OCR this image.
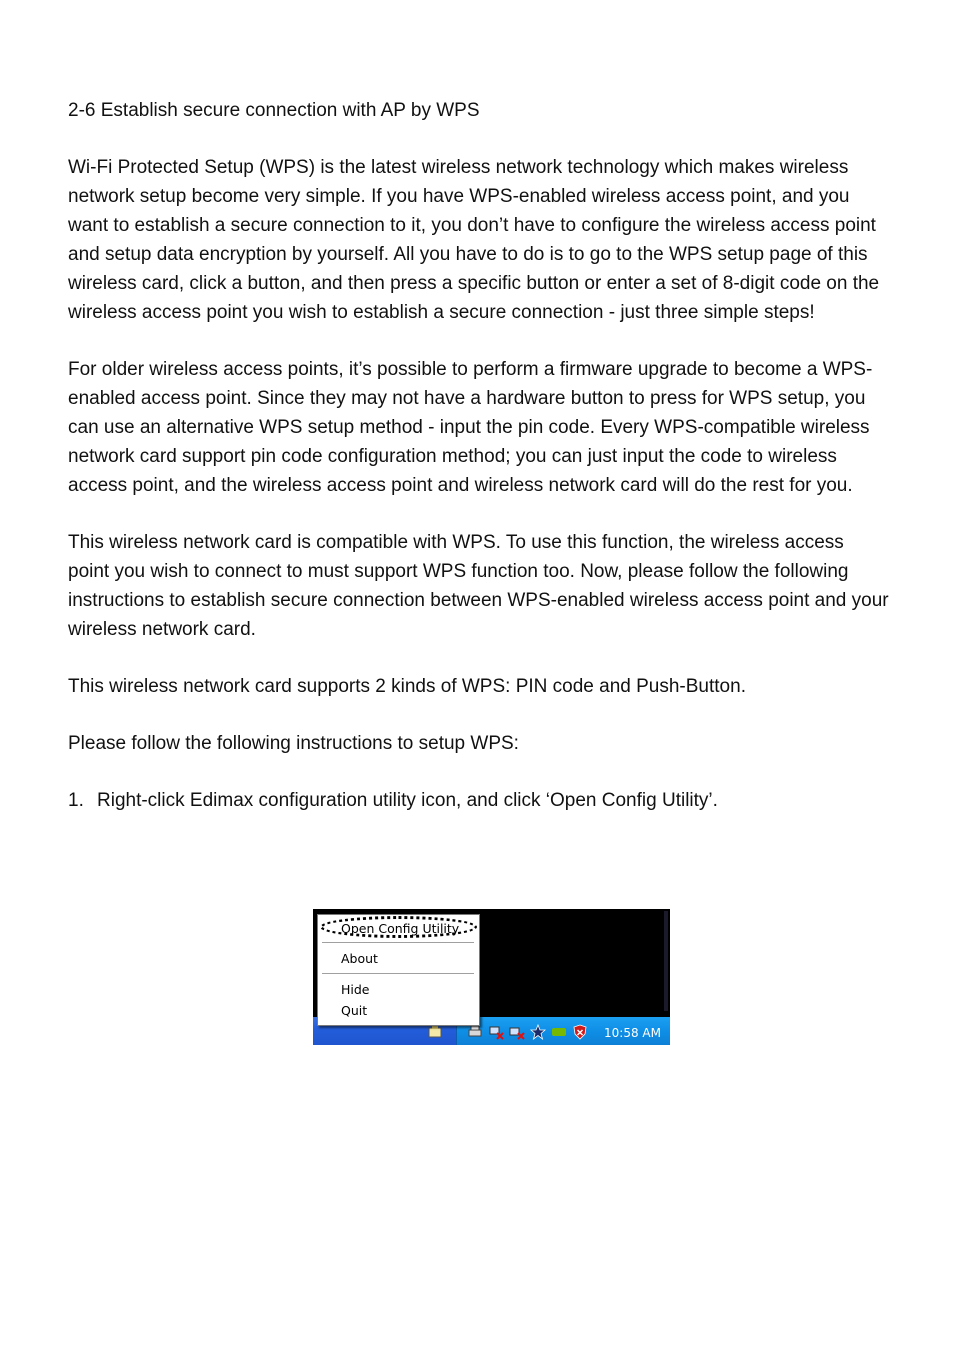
2-6 Establish secure connection with AP by WPS

Wi-Fi Protected Setup (WPS) is the latest wireless network technology which makes wireless network setup become very simple. If you have WPS-enabled wireless access point, and you want to establish a secure connection to it, you don’t have to configure the wireless access point and setup data encryption by yourself. All you have to do is to go to the WPS setup page of this wireless card, click a button, and then press a specific button or enter a set of 8-digit code on the wireless access point you wish to establish a secure connection - just three simple steps!

For older wireless access points, it’s possible to perform a firmware upgrade to become a WPS-enabled access point. Since they may not have a hardware button to press for WPS setup, you can use an alternative WPS setup method - input the pin code. Every WPS-compatible wireless network card support pin code configuration method; you can just input the code to wireless access point, and the wireless access point and wireless network card will do the rest for you.

This wireless network card is compatible with WPS. To use this function, the wireless access point you wish to connect to must support WPS function too. Now, please follow the following instructions to establish secure connection between WPS-enabled wireless access point and your wireless network card.

This wireless network card supports 2 kinds of WPS: PIN code and Push-Button.

Please follow the following instructions to setup WPS:

1. Right-click Edimax configuration utility icon, and click ‘Open Config Utility’.
10:58 AM
Open Config Utility
About
Hide
Quit
